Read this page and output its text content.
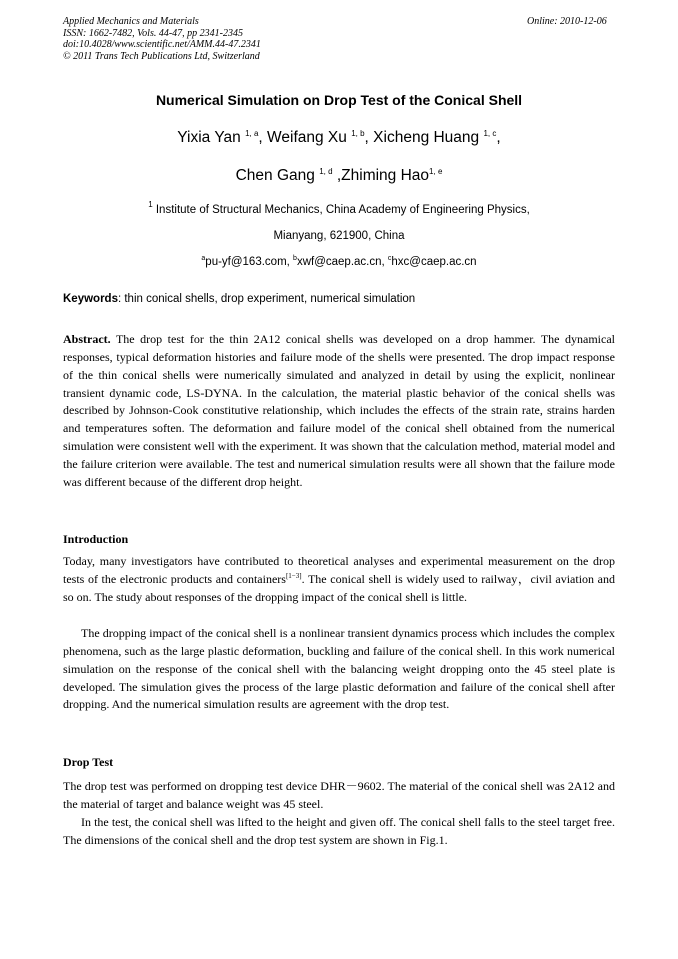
Applied Mechanics and Materials
ISSN: 1662-7482, Vols. 44-47, pp 2341-2345
doi:10.4028/www.scientific.net/AMM.44-47.2341
© 2011 Trans Tech Publications Ltd, Switzerland
Online: 2010-12-06
Numerical Simulation on Drop Test of the Conical Shell
Yixia Yan $^{1, a}$, Weifang Xu $^{1, b}$, Xicheng Huang $^{1, c}$,
Chen Gang $^{1, d}$ ,Zhiming Hao$^{1, e}$
$^1$ Institute of Structural Mechanics, China Academy of Engineering Physics,
Mianyang, 621900, China
$^a$pu-yf@163.com, $^b$xwf@caep.ac.cn, $^c$hxc@caep.ac.cn
Keywords: thin conical shells, drop experiment, numerical simulation
Abstract. The drop test for the thin 2A12 conical shells was developed on a drop hammer. The dynamical responses, typical deformation histories and failure mode of the shells were presented. The drop impact response of the thin conical shells were numerically simulated and analyzed in detail by using the explicit, nonlinear transient dynamic code, LS-DYNA. In the calculation, the material plastic behavior of the conical shells was described by Johnson-Cook constitutive relationship, which includes the effects of the strain rate, strains harden and temperatures soften. The deformation and failure model of the conical shell obtained from the numerical simulation were consistent well with the experiment. It was shown that the calculation method, material model and the failure criterion were available. The test and numerical simulation results were all shown that the failure mode was different because of the different drop height.
Introduction
Today, many investigators have contributed to theoretical analyses and experimental measurement on the drop tests of the electronic products and containers[1−3]. The conical shell is widely used to railway，civil aviation and so on. The study about responses of the dropping impact of the conical shell is little.
The dropping impact of the conical shell is a nonlinear transient dynamics process which includes the complex phenomena, such as the large plastic deformation, buckling and failure of the conical shell. In this work numerical simulation on the response of the conical shell with the balancing weight dropping onto the 45 steel plate is developed. The simulation gives the process of the large plastic deformation and failure of the conical shell after dropping. And the numerical simulation results are agreement with the drop test.
Drop Test
The drop test was performed on dropping test device DHR－9602. The material of the conical shell was 2A12 and the material of target and balance weight was 45 steel.
In the test, the conical shell was lifted to the height and given off. The conical shell falls to the steel target free. The dimensions of the conical shell and the drop test system are shown in Fig.1.
